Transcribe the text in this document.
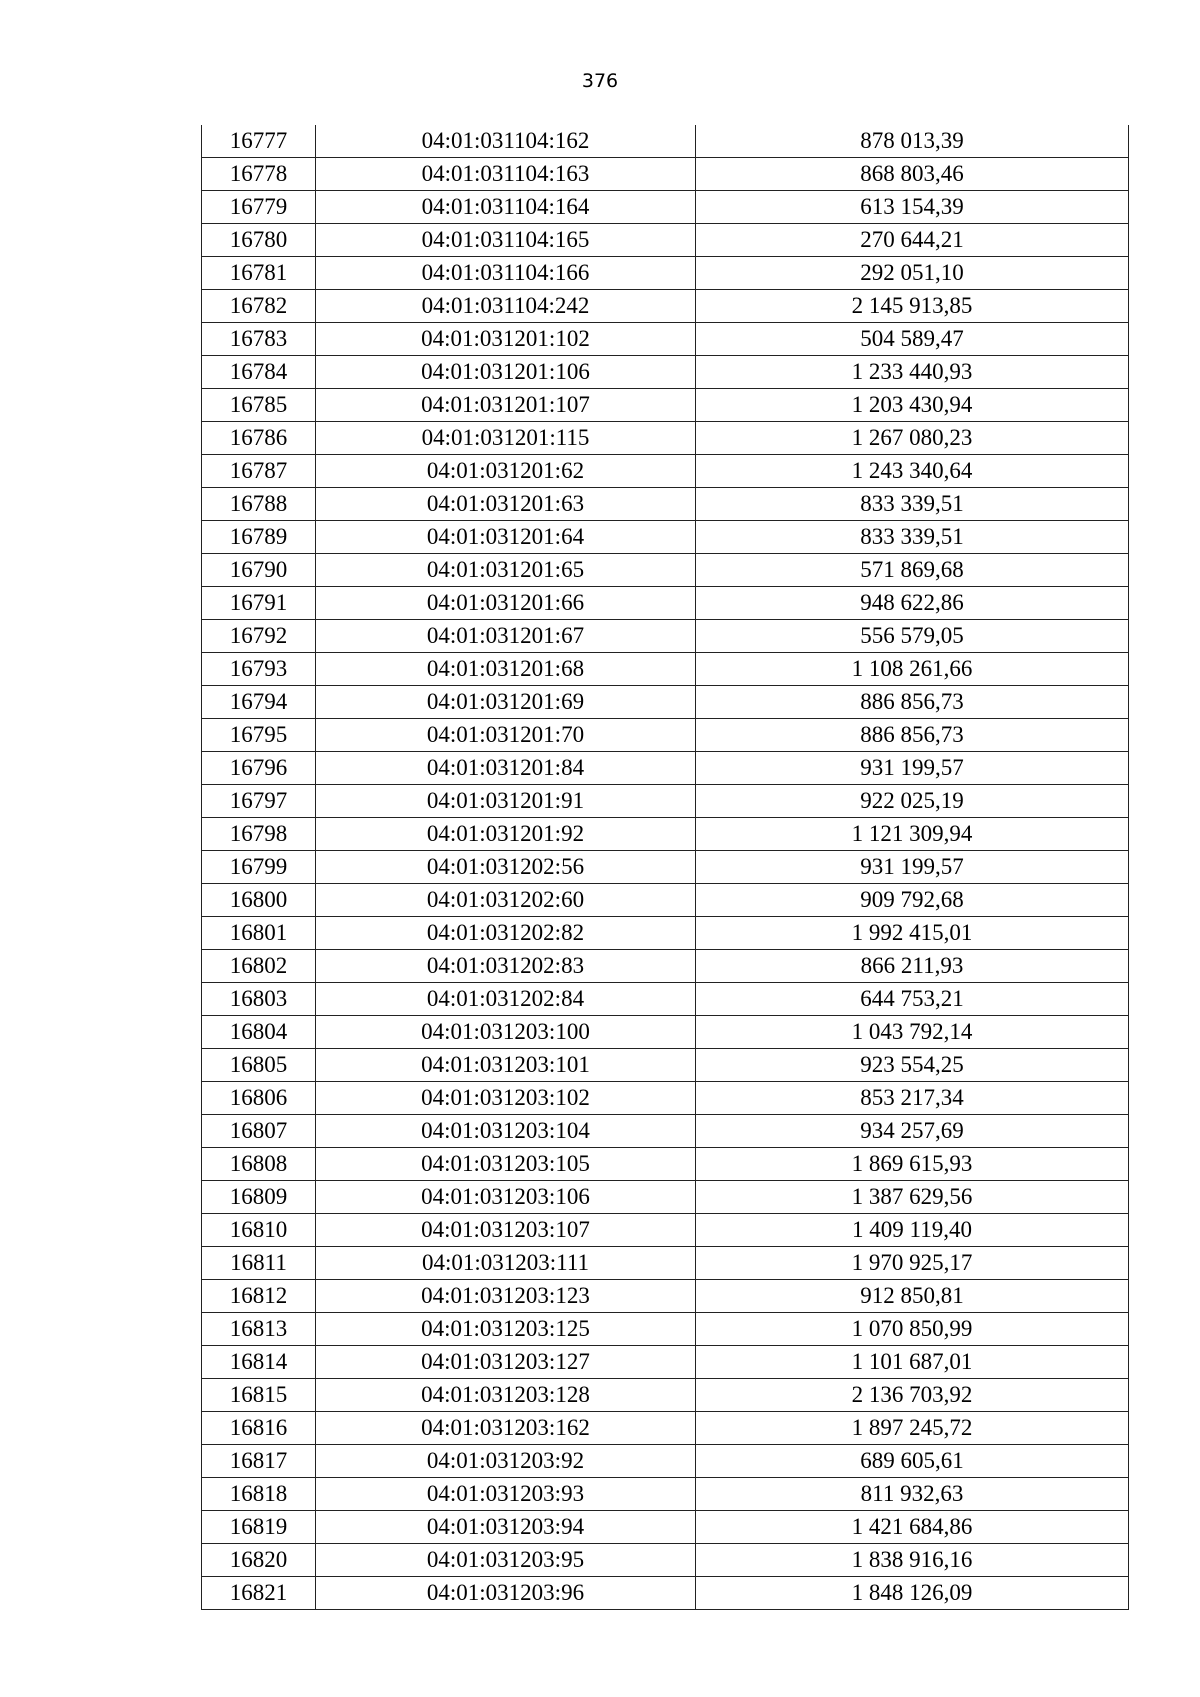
376
16777	04:01:031104:162	878 013,39
16778	04:01:031104:163	868 803,46
16779	04:01:031104:164	613 154,39
16780	04:01:031104:165	270 644,21
16781	04:01:031104:166	292 051,10
16782	04:01:031104:242	2 145 913,85
16783	04:01:031201:102	504 589,47
16784	04:01:031201:106	1 233 440,93
16785	04:01:031201:107	1 203 430,94
16786	04:01:031201:115	1 267 080,23
16787	04:01:031201:62	1 243 340,64
16788	04:01:031201:63	833 339,51
16789	04:01:031201:64	833 339,51
16790	04:01:031201:65	571 869,68
16791	04:01:031201:66	948 622,86
16792	04:01:031201:67	556 579,05
16793	04:01:031201:68	1 108 261,66
16794	04:01:031201:69	886 856,73
16795	04:01:031201:70	886 856,73
16796	04:01:031201:84	931 199,57
16797	04:01:031201:91	922 025,19
16798	04:01:031201:92	1 121 309,94
16799	04:01:031202:56	931 199,57
16800	04:01:031202:60	909 792,68
16801	04:01:031202:82	1 992 415,01
16802	04:01:031202:83	866 211,93
16803	04:01:031202:84	644 753,21
16804	04:01:031203:100	1 043 792,14
16805	04:01:031203:101	923 554,25
16806	04:01:031203:102	853 217,34
16807	04:01:031203:104	934 257,69
16808	04:01:031203:105	1 869 615,93
16809	04:01:031203:106	1 387 629,56
16810	04:01:031203:107	1 409 119,40
16811	04:01:031203:111	1 970 925,17
16812	04:01:031203:123	912 850,81
16813	04:01:031203:125	1 070 850,99
16814	04:01:031203:127	1 101 687,01
16815	04:01:031203:128	2 136 703,92
16816	04:01:031203:162	1 897 245,72
16817	04:01:031203:92	689 605,61
16818	04:01:031203:93	811 932,63
16819	04:01:031203:94	1 421 684,86
16820	04:01:031203:95	1 838 916,16
16821	04:01:031203:96	1 848 126,09
